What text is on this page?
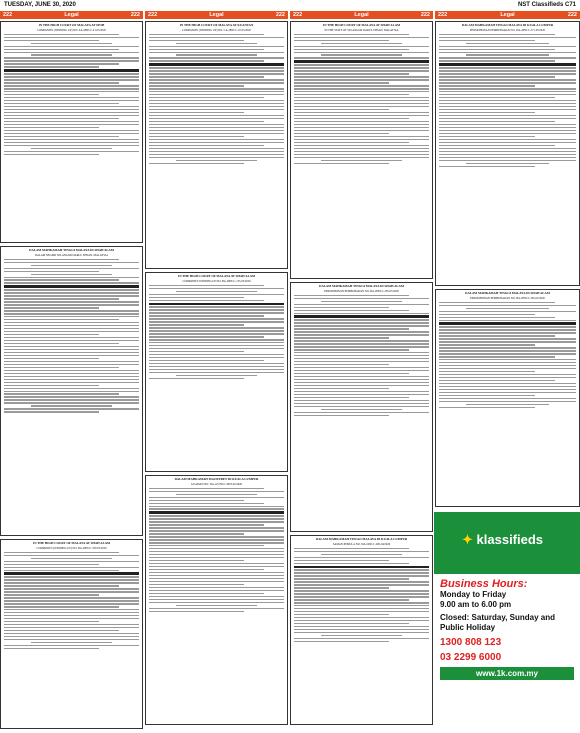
TUESDAY, JUNE 30, 2020	NST Classifieds C71
222	Legal	222 222	Legal	222 222	Legal	222 222	Legal	222
IN THE HIGH COURT OF MALAYA AT IPOH
COMPANIES (WINDING UP) NO. AA-28NCC-41-05/2020
DALAM MAHKAMAH TINGGI MALAYA DI SHAH ALAM
DALAM NEGERI SELANGOR DARUL EHSAN, MALAYSIA
IN THE HIGH COURT OF MALAYA AT SHAH ALAM
COMPANIES (WINDING UP) NO. BA-28NCC-350-05/2020
IN THE HIGH COURT OF MALAYA AT KUANTAN
COMPANIES (WINDING UP) NO. CA-28NCC-10-03/2020
IN THE HIGH COURT OF MALAYA AT SHAH ALAM
COMPANIES WINDING UP NO. BA-28NCC-135-03/2020
DALAM MAHKAMAH MAJISTRET DI KUALA LUMPUR
GUAMAN NO. WA-A72NCC-3003-02/2020
IN THE HIGH COURT OF MALAYA AT SHAH ALAM
IN THE STATE OF SELANGOR DARUL EHSAN, MALAYSIA
DALAM MAHKAMAH TINGGI MALAYA DI SHAH ALAM
PERMOHONAN PEMBUBARAN NO. BA-28NCC-359-05/2020
DALAM MAHKAMAH TINGGI MALAYA DI KUALA LUMPUR
SAMAN PEMULA NO. WA-24NCC-200-04/2020
DALAM MAHKAMAH TINGGI MALAYA DI KUALA LUMPUR
PERMOHONAN PEMBUBARAN NO. WA-28NCC-371-05/2020
DALAM MAHKAMAH TINGGI MALAYA DI SHAH ALAM
PERMOHONAN PEMBUBARAN NO. BA-28NCC-350-02/2020
✦ klassifieds
Business Hours:
Monday to Friday
9.00 am to 6.00 pm
Closed: Saturday, Sunday and Public Holiday
1300 808 123
03 2299 6000
www.1k.com.my
